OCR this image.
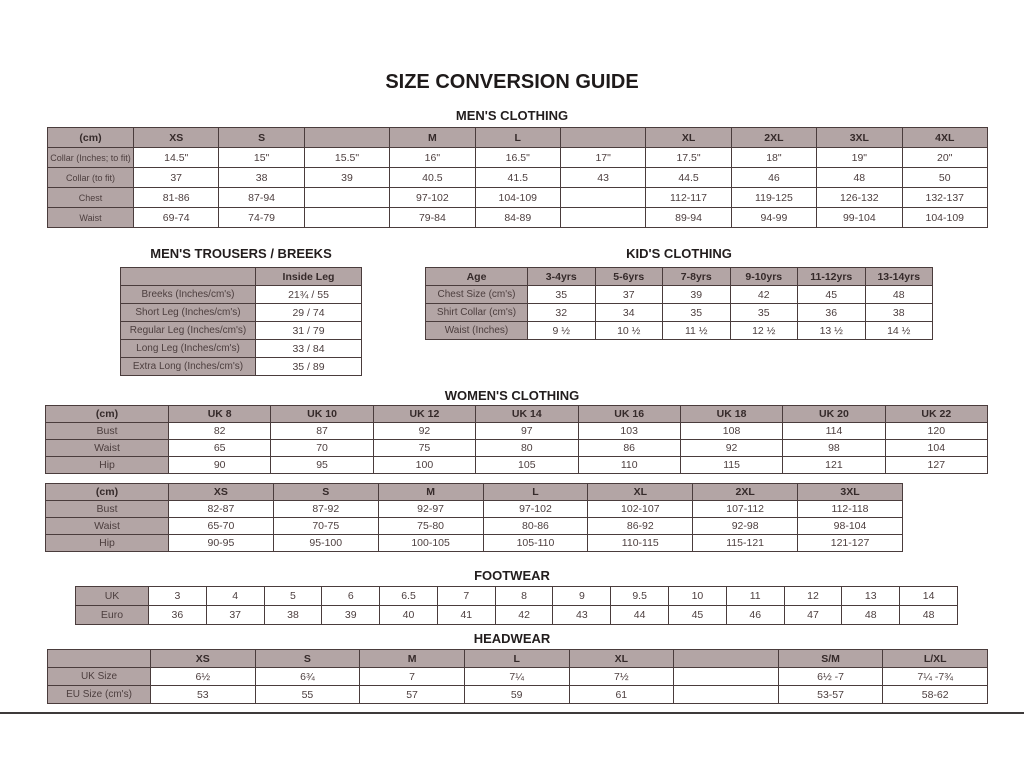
SIZE CONVERSION GUIDE
MEN'S CLOTHING
(cm)	XS	S		M	L		XL	2XL	3XL	4XL
Collar (Inches; to fit)	14.5"	15"	15.5"	16"	16.5"	17"	17.5"	18"	19"	20"
Collar (to fit)	37	38	39	40.5	41.5	43	44.5	46	48	50
Chest	81-86	87-94		97-102	104-109		112-117	119-125	126-132	132-137
Waist	69-74	74-79		79-84	84-89		89-94	94-99	99-104	104-109
MEN'S TROUSERS / BREEKS
	Inside Leg
Breeks (Inches/cm's)	21¾ / 55
Short Leg (Inches/cm's)	29 / 74
Regular Leg (Inches/cm's)	31 / 79
Long Leg (Inches/cm's)	33 / 84
Extra Long (Inches/cm's)	35 / 89
KID'S CLOTHING
Age	3-4yrs	5-6yrs	7-8yrs	9-10yrs	11-12yrs	13-14yrs
Chest Size (cm's)	35	37	39	42	45	48
Shirt Collar (cm's)	32	34	35	35	36	38
Waist (Inches)	9 ½	10 ½	11 ½	12 ½	13 ½	14 ½
WOMEN'S CLOTHING
(cm)	UK 8	UK 10	UK 12	UK 14	UK 16	UK 18	UK 20	UK 22
Bust	82	87	92	97	103	108	114	120
Waist	65	70	75	80	86	92	98	104
Hip	90	95	100	105	110	115	121	127
(cm)	XS	S	M	L	XL	2XL	3XL
Bust	82-87	87-92	92-97	97-102	102-107	107-112	112-118
Waist	65-70	70-75	75-80	80-86	86-92	92-98	98-104
Hip	90-95	95-100	100-105	105-110	110-115	115-121	121-127
FOOTWEAR
UK	3	4	5	6	6.5	7	8	9	9.5	10	11	12	13	14
Euro	36	37	38	39	40	41	42	43	44	45	46	47	48	48
HEADWEAR
	XS	S	M	L	XL		S/M	L/XL
UK Size	6½	6¾	7	7¼	7½		6½ -7	7¼ -7¾
EU Size (cm's)	53	55	57	59	61		53-57	58-62
